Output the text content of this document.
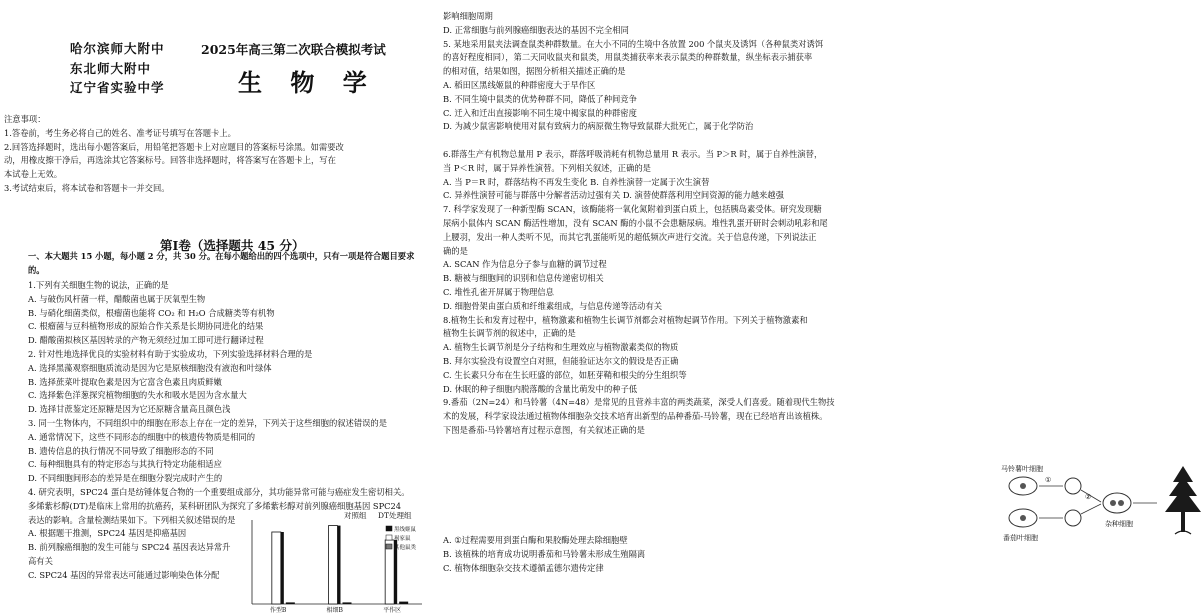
哈尔滨师大附中
东北师大附中
辽宁省实验中学
2025年高三第二次联合模拟考试
生 物 学
注意事项：
1.答卷前，考生务必将自己的姓名、准考证号填写在答题卡上。
2.回答选择题时，选出每小题答案后，用铅笔把答题卡上对应题目的答案标号涂黑。如需要改
动，用橡皮擦干净后，再选涂其它答案标号。回答非选择题时，将答案写在答题卡上，写在
本试卷上无效。
3.考试结束后，将本试卷和答题卡一并交回。
第Ⅰ卷（选择题共 45 分）
一、本大题共 15 小题，每小题 2 分，共 30 分。在每小题给出的四个选项中，只有一项是符合题目要求
的。
1.下列有关细胞生物的说法，正确的是
A. 与破伤风杆菌一样，醋酸菌也属于厌氧型生物
B. 与硝化细菌类似，根瘤菌也能将 CO₂ 和 H₂O 合成糖类等有机物
C. 根瘤菌与豆科植物形成的原始合作关系是长期协同进化的结果
D. 醋酸菌拟核区基因转录的产物无须经过加工即可进行翻译过程
2. 针对性地选择优良的实验材料有助于实验成功，下列实验选择材料合理的是
A. 选择黑藻观察细胞质流动是因为它是原核细胞没有液泡和叶绿体
B. 选择蔗菜叶提取色素是因为它富含色素且肉质鲜嫩
C. 选择紫色洋葱探究植物细胞的失水和吸水是因为含水量大
D. 选择甘蔗鉴定还原糖是因为它还原糖含量高且颜色浅
3. 同一生物体内，不同组织中的细胞在形态上存在一定的差异，下列关于这些细胞的叙述错误的是
A. 通常情况下，这些不同形态的细胞中的核遗传物质是相同的
B. 遗传信息的执行情况不同导致了细胞形态的不同
C. 每种细胞具有的特定形态与其执行特定功能相适应
D. 不同细胞间形态的差异是在细胞分裂完成时产生的
4. 研究表明，SPC24 蛋白是纺锤体复合物的一个重要组成部分，其功能异常可能与癌症发生密切相关。
多烯紫杉醇(DT)是临床上常用的抗癌药，某科研团队为探究了多烯紫杉醇对前列腺癌细胞基因 SPC24
表达的影响。含量检测结果如下。下列相关叙述错误的是
A. 根据题干推测，SPC24 基因是抑癌基因
B. 前列腺癌细胞的发生可能与 SPC24 基因表达异常升
高有关
C. SPC24 基因的异常表达可能通过影响染色体分配
作型B	相细B	平作区
对照组 DT处理组
黑线姬鼠
褐家鼠
其他鼠类
影响细胞周期
D. 正常细胞与前列腺癌细胞表达的基因不完全相同
5. 某地采用鼠夹法调查鼠类种群数量。在大小不同的生境中各放置 200 个鼠夹及诱饵（各种鼠类对诱饵
的喜好程度相同），第二天同收鼠夹和鼠类，用鼠类捕获率来表示鼠类的种群数量，纵坐标表示捕获率
的相对值，结果如图，据图分析相关描述正确的是
A. 稻田区黑线姬鼠的种群密度大于早作区
B. 不同生境中鼠类的优势种群不同，降低了种间竞争
C. 迁入和迁出直接影响不同生境中褐家鼠的种群密度
D. 为减少鼠害影响使用对鼠有致病力的病原微生物导致鼠群大批死亡，属于化学防治

6.群落生产有机物总量用 P 表示，群落呼吸消耗有机物总量用 R 表示。当 P＞R 时，属于自养性演替，
当 P＜R 时，属于异养性演替。下列相关叙述，正确的是
A. 当 P＝R 时，群落结构不再发生变化 B. 自养性演替一定属于次生演替
C. 异养性演替可能与群落中分解者活动过强有关 D. 演替使群落利用空间资源的能力越来越强
7. 科学家发现了一种新型酶 SCAN，该酶能将一氧化氮附着到蛋白质上，包括胰岛素受体。研究发现糖
尿病小鼠体内 SCAN 酶活性增加，没有 SCAN 酶的小鼠不会患糖尿病。堆性乳蛋开研时会刺动吼彩和尾
上腰羽，发出一种人类听不见，而其它乳蛋能听见的超低频次声进行交流。关于信息传递，下列说法正
确的是
A. SCAN 作为信息分子参与血糖的调节过程
B. 糖被与细胞间的识别和信息传递密切相关
C. 堆性孔雀开屏属于物理信息
D. 细胞骨架由蛋白质和纤维素组成，与信息传递等活动有关
8.植物生长和发育过程中，植物激素和植物生长调节剂都会对植物起调节作用。下列关于植物激素和
植物生长调节剂的叙述中，正确的是
A. 植物生长调节剂是分子结构和生理效应与植物激素类似的物质
B. 拜尔实验没有设置空白对照，但能验证达尔文的假设是否正确
C. 生长素只分布在生长旺盛的部位，如胚芽鞘和根尖的分生组织等
D. 休眠的种子细胞内脱落酸的含量比萌发中的种子低
9.番茄（2N=24）和马铃薯（4N=48）是常见的且营养丰富的两类蔬菜，深受人们喜爱。随着现代生物技
术的发展，科学家设法通过植物体细胞杂交技术培育出新型的品种番茄-马铃薯，现在已经培育出该植株。
下图是番茄-马铃薯培育过程示意图，有关叙述正确的是
马铃薯叶细胞
番茄叶细胞
①
②
杂种细胞
A. ①过程需要用到蛋白酶和果胶酶处理去除细胞壁
B. 该植株的培育成功说明番茄和马铃薯未形成生殖隔离
C. 植物体细胞杂交技术遵循孟德尔遗传定律
